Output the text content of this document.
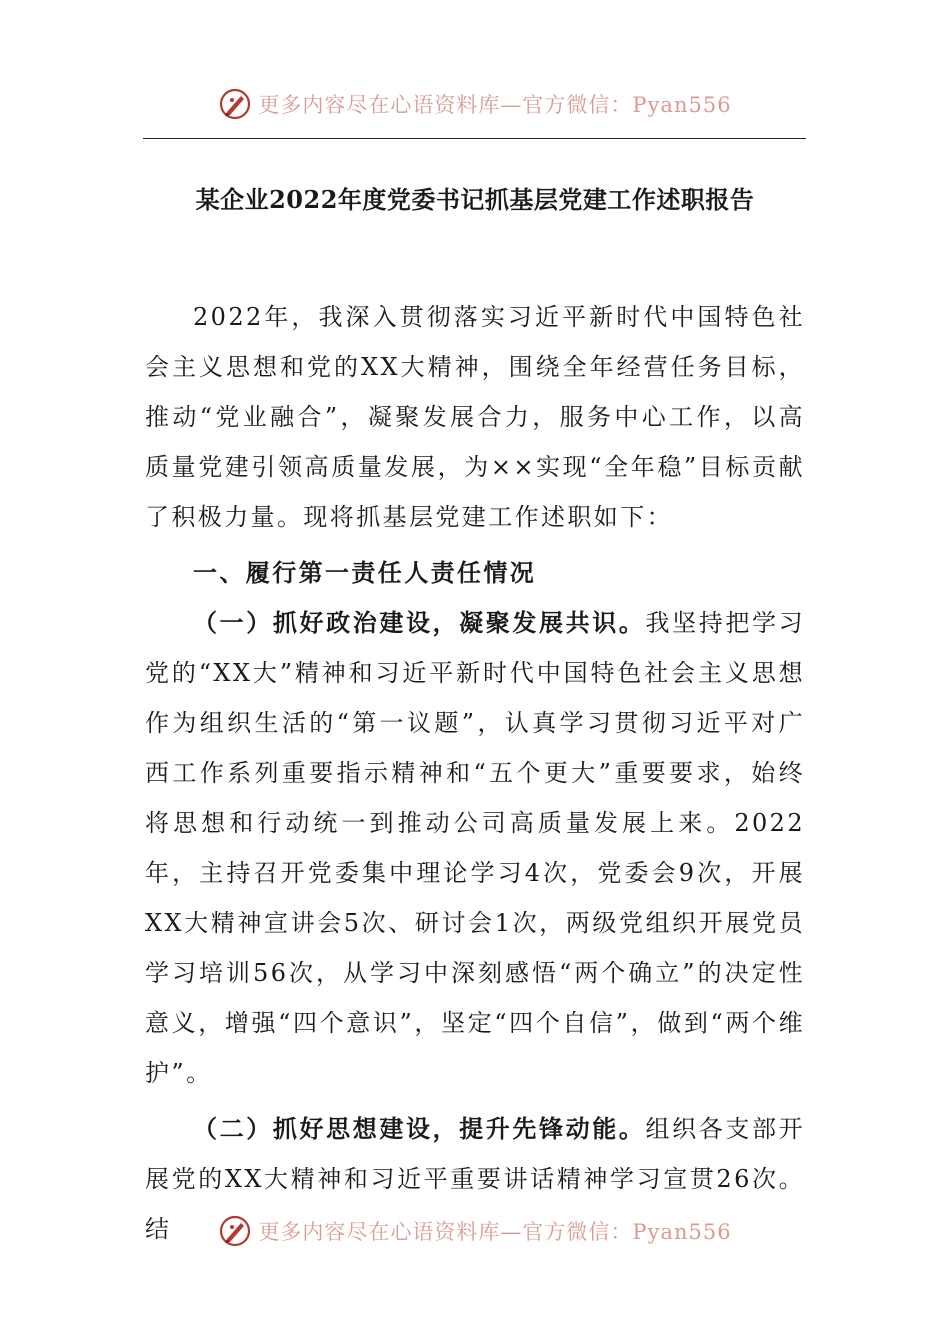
更多内容尽在心语资料库—官方微信：Pyan556
某企业2022年度党委书记抓基层党建工作述职报告

2022年，我深入贯彻落实习近平新时代中国特色社会主义思想和党的XX大精神，围绕全年经营任务目标，推动“党业融合”，凝聚发展合力，服务中心工作，以高质量党建引领高质量发展，为××实现“全年稳”目标贡献了积极力量。现将抓基层党建工作述职如下：

一、履行第一责任人责任情况

（一）抓好政治建设，凝聚发展共识。我坚持把学习党的“XX大”精神和习近平新时代中国特色社会主义思想作为组织生活的“第一议题”，认真学习贯彻习近平对广西工作系列重要指示精神和“五个更大”重要要求，始终将思想和行动统一到推动公司高质量发展上来。2022年，主持召开党委集中理论学习4次，党委会9次，开展XX大精神宣讲会5次、研讨会1次，两级党组织开展党员学习培训56次，从学习中深刻感悟“两个确立”的决定性意义，增强“四个意识”，坚定“四个自信”，做到“两个维护”。

（二）抓好思想建设，提升先锋动能。组织各支部开展党的XX大精神和习近平重要讲话精神学习宣贯26次。结	更多内容尽在心语资料库—官方微信：Pyan556
